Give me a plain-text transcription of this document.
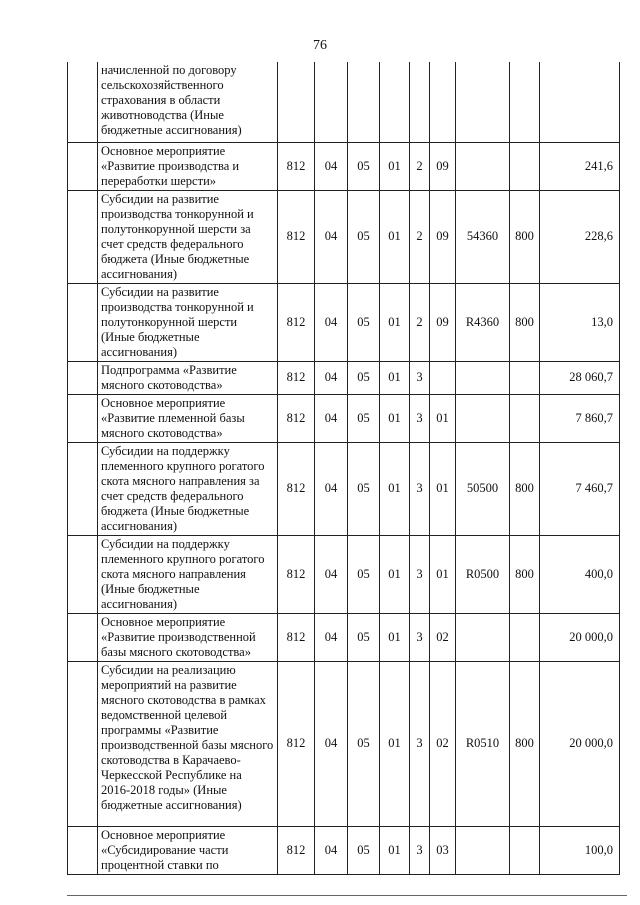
76
	начисленной по договору сельскохозяйственного страхования в области животноводства (Иные бюджетные ассигнования)									
	Основное мероприятие «Развитие производства и переработки шерсти»	812	04	05	01	2	09			241,6
	Субсидии на развитие производства тонкорунной и полутонкорунной шерсти за счет средств федерального бюджета (Иные бюджетные ассигнования)	812	04	05	01	2	09	54360	800	228,6
	Субсидии на развитие производства тонкорунной и полутонкорунной шерсти (Иные бюджетные ассигнования)	812	04	05	01	2	09	R4360	800	13,0
	Подпрограмма «Развитие мясного скотоводства»	812	04	05	01	3				28 060,7
	Основное мероприятие «Развитие племенной базы мясного скотоводства»	812	04	05	01	3	01			7 860,7
	Субсидии на поддержку племенного крупного рогатого скота мясного направления за счет средств федерального бюджета (Иные бюджетные ассигнования)	812	04	05	01	3	01	50500	800	7 460,7
	Субсидии на поддержку племенного крупного рогатого скота мясного направления (Иные бюджетные ассигнования)	812	04	05	01	3	01	R0500	800	400,0
	Основное мероприятие «Развитие производственной базы мясного скотоводства»	812	04	05	01	3	02			20 000,0
	Субсидии на реализацию мероприятий на развитие мясного скотоводства в рамках ведомственной целевой программы «Развитие производственной базы мясного скотоводства в Карачаево-Черкесской Республике на 2016-2018 годы» (Иные бюджетные ассигнования)	812	04	05	01	3	02	R0510	800	20 000,0
	Основное мероприятие «Субсидирование части процентной ставки по	812	04	05	01	3	03			100,0
